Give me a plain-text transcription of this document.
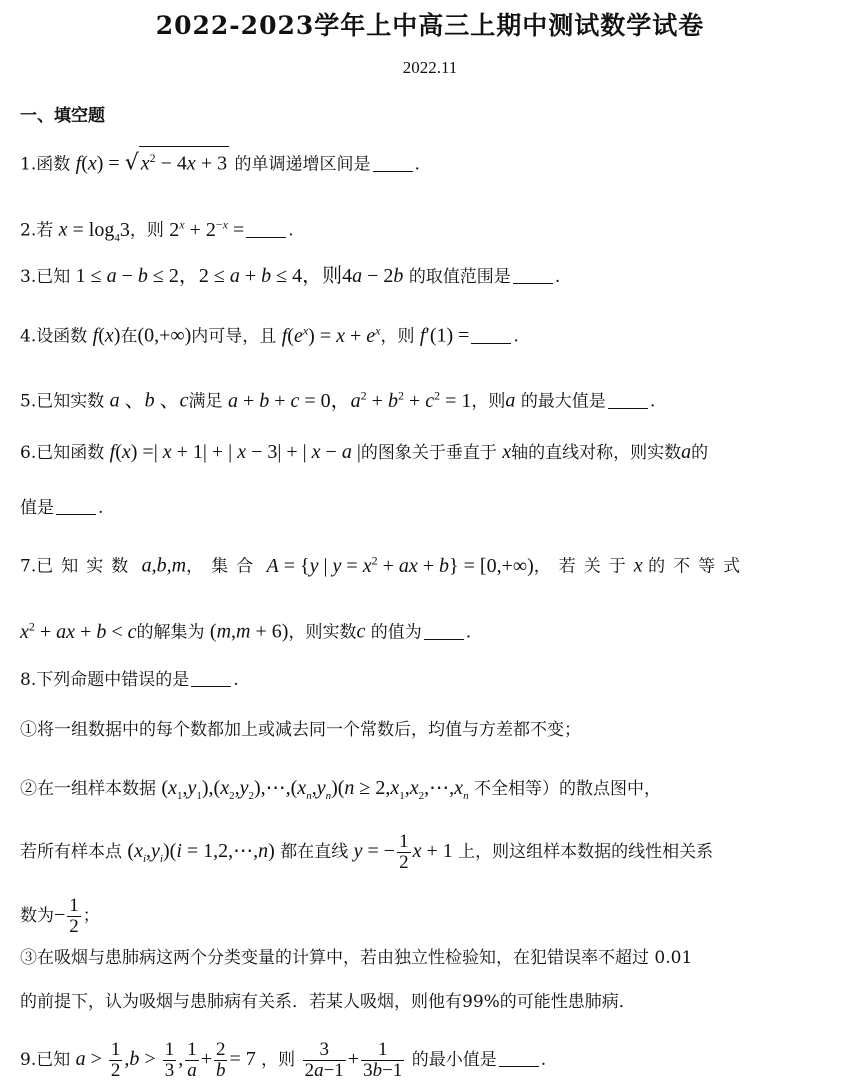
2022-2023学年上中高三上期中测试数学试卷
2022.11
一、填空题
1.函数 f(x) = √ $x^2 - 4x + 3$ 的单调递增区间是	.
2.若 $x = \log_43$，则 $2^x + 2^{-x}$ =	.
3.已知 1 ≤ a − b ≤ 2，2 ≤ a + b ≤ 4，则4a − 2b 的取值范围是	.
4.设函数 f(x)在(0,+∞)内可导，且 $f(e^x) = x + e^x$，则 f′(1) =	.
5.已知实数 a 、b 、c满足 a + b + c = 0，$a^2 + b^2 + c^2 = 1$，则a 的最大值是	.
6.已知函数 f(x) =| x + 1| + | x − 3| + | x − a |的图象关于垂直于 x轴的直线对称，则实数a的
值是	.
7.已知实数 a,b,m，集合 A = {y | $y = x^2$ + ax + b} = [0,+∞)，若关于x 的不等式
$x^2$ + ax + b < c的解集为 (m,m + 6)，则实数c 的值为	.
8.下列命题中错误的是	.
①将一组数据中的每个数都加上或减去同一个常数后，均值与方差都不变；
②在一组样本数据 $(x_1,y_1),(x_2,y_2),\cdots,(x_n,y_n)(n$ ≥ $2,x_1,x_2,\cdots,x_n$ 不全相等）的散点图中，
若所有样本点 $(x_i,y_i)(i$ = 1,2,⋯,n) 都在直线 y = − $\frac{1}{2}$ x + 1 上，则这组样本数据的线性相关系
数为− $\frac{1}{2}$ ；
③在吸烟与患肺病这两个分类变量的计算中，若由独立性检验知，在犯错误率不超过 0.01
的前提下，认为吸烟与患肺病有关系．若某人吸烟，则他有99%的可能性患肺病．
9.已知 $a > \frac{1}{2} ,b > \frac{1}{3}$ , $\frac{1}{a} + \frac{2}{b} = 7$ ，则 $\frac{3}{2a-1} + \frac{1}{3b-1}$ 的最小值是	.
